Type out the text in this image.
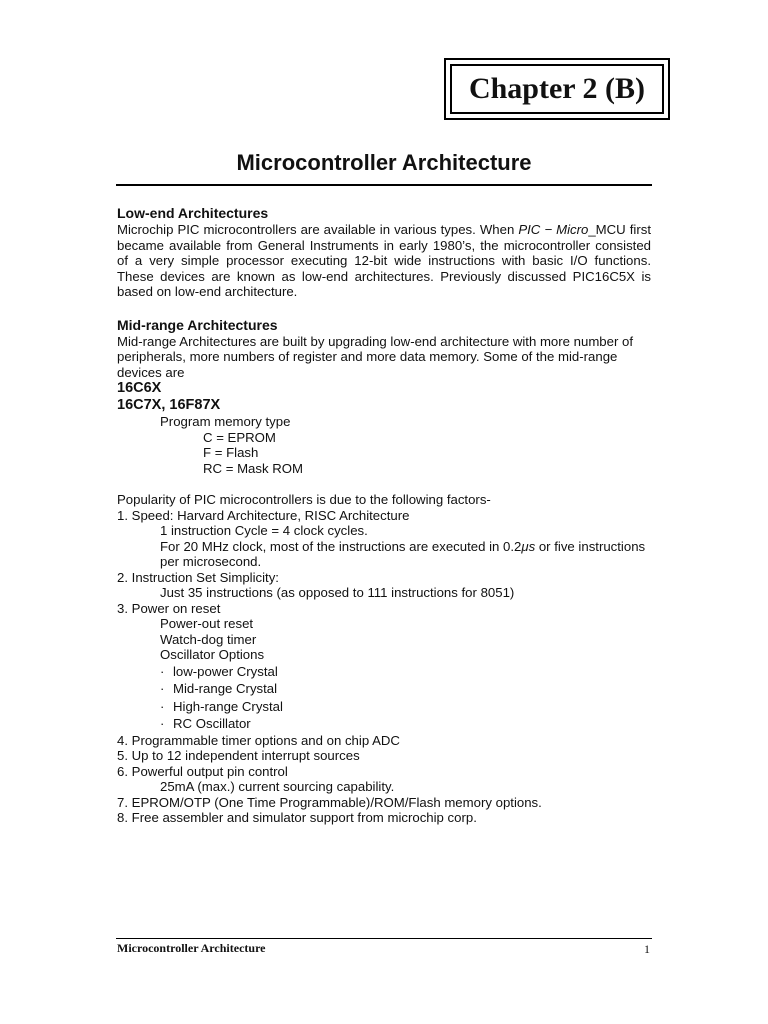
Chapter 2 (B)
Microcontroller Architecture
Low-end Architectures
Microchip PIC microcontrollers are available in various types. When PIC − Micro_MCU first became available from General Instruments in early 1980’s, the microcontroller consisted of a very simple processor executing 12-bit wide instructions with basic I/O functions. These devices are known as low-end architectures. Previously discussed PIC16C5X is based on low-end architecture.
Mid-range Architectures
Mid-range Architectures are built by upgrading low-end architecture with more number of peripherals, more numbers of register and more data memory. Some of the mid-range devices are
16C6X
16C7X, 16F87X
Program memory type
C = EPROM
F = Flash
RC = Mask ROM
Popularity of PIC microcontrollers is due to the following factors-
1. Speed: Harvard Architecture, RISC Architecture
1 instruction Cycle = 4 clock cycles.
For 20 MHz clock, most of the instructions are executed in 0.2μs or five instructions
per microsecond.
2. Instruction Set Simplicity:
Just 35 instructions (as opposed to 111 instructions for 8051)
3. Power on reset
Power-out reset
Watch-dog timer
Oscillator Options
· low-power Crystal
· Mid-range Crystal
· High-range Crystal
· RC Oscillator
4. Programmable timer options and on chip ADC
5. Up to 12 independent interrupt sources
6. Powerful output pin control
25mA (max.) current sourcing capability.
7. EPROM/OTP (One Time Programmable)/ROM/Flash memory options.
8. Free assembler and simulator support from microchip corp.
Microcontroller Architecture	1
